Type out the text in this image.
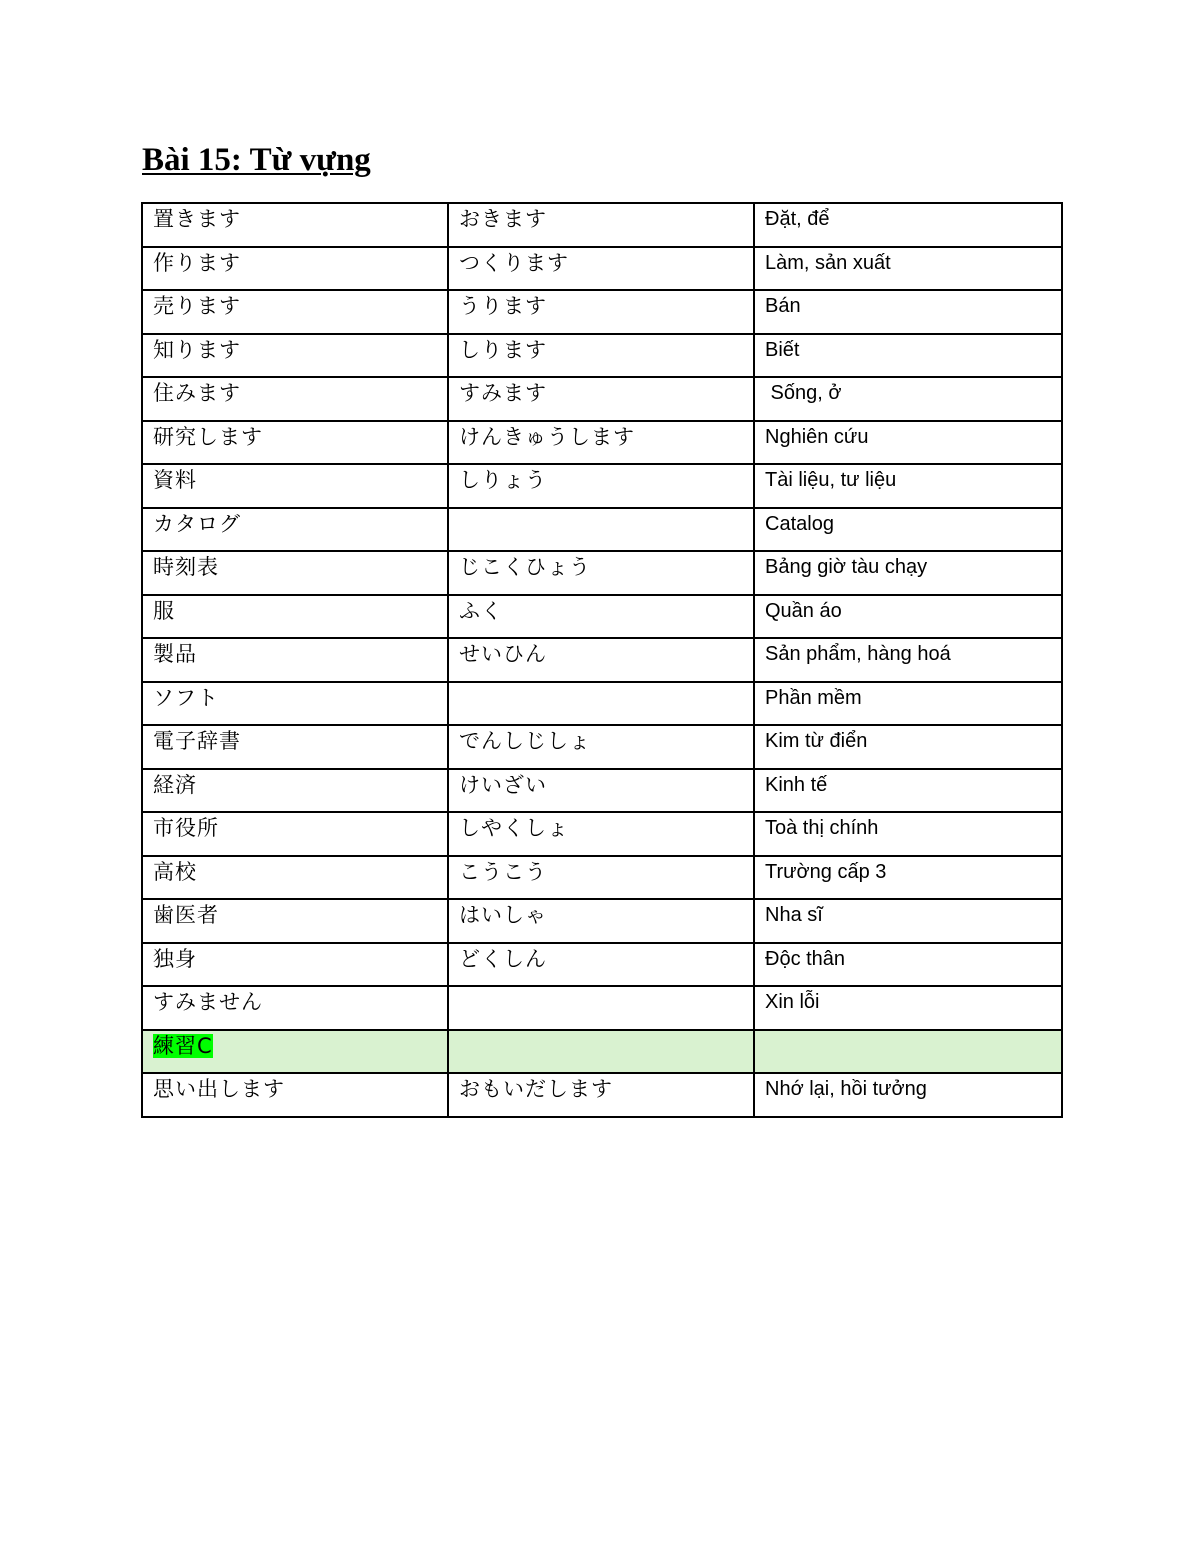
Bài 15: Từ vựng
置きます	おきます	Đặt, để
作ります	つくります	Làm, sản xuất
売ります	うります	Bán
知ります	しります	Biết
住みます	すみます	Sống, ở
研究します	けんきゅうします	Nghiên cứu
資料	しりょう	Tài liệu, tư liệu
カタログ		Catalog
時刻表	じこくひょう	Bảng giờ tàu chạy
服	ふく	Quần áo
製品	せいひん	Sản phẩm, hàng hoá
ソフト		Phần mềm
電子辞書	でんしじしょ	Kim từ điển
経済	けいざい	Kinh tế
市役所	しやくしょ	Toà thị chính
高校	こうこう	Trường cấp 3
歯医者	はいしゃ	Nha sĩ
独身	どくしん	Độc thân
すみません		Xin lỗi
練習C		
思い出します	おもいだします	Nhớ lại, hồi tưởng
